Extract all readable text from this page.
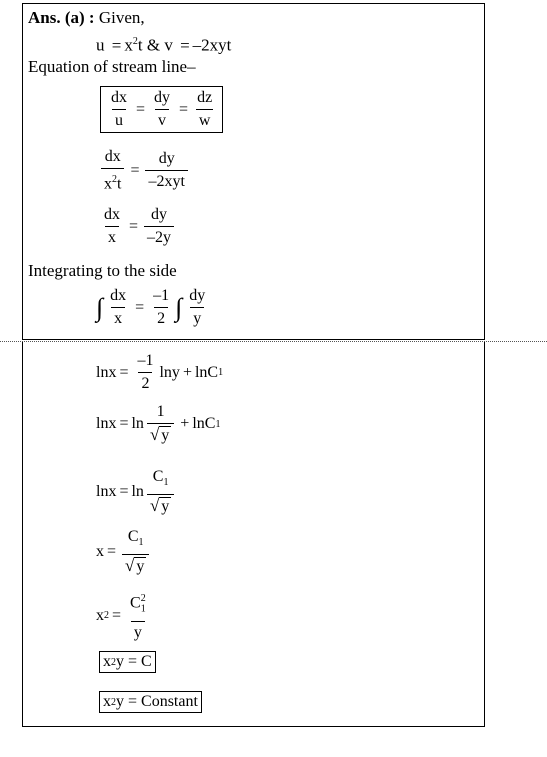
Ans. (a) : Given,
$u = x^2t$ & v = –2xyt
Equation of stream line–
$\frac{dx}{u} = \frac{dy}{v} = \frac{dz}{w}$
$\frac{dx}{x^2t} = \frac{dy}{\text{–2xyt}}$
$\frac{dx}{x} = \frac{dy}{-2y}$
Integrating to the side
∫ $\frac{dx}{x} = \frac{-1}{2}$ ∫ $\frac{dy}{y}$
$\ln x = \frac{-1}{2}$ lny + lnC 1
$\ln x = \ln \frac{1}{√ y} + \ln C$ 1
$\ln x = \ln \frac{C_1}{√ y}$
$x = \frac{C_1}{√ y}$
x $2 = \frac{C_1^2}{y}$
x 2 y = C
x 2 y = Constant
